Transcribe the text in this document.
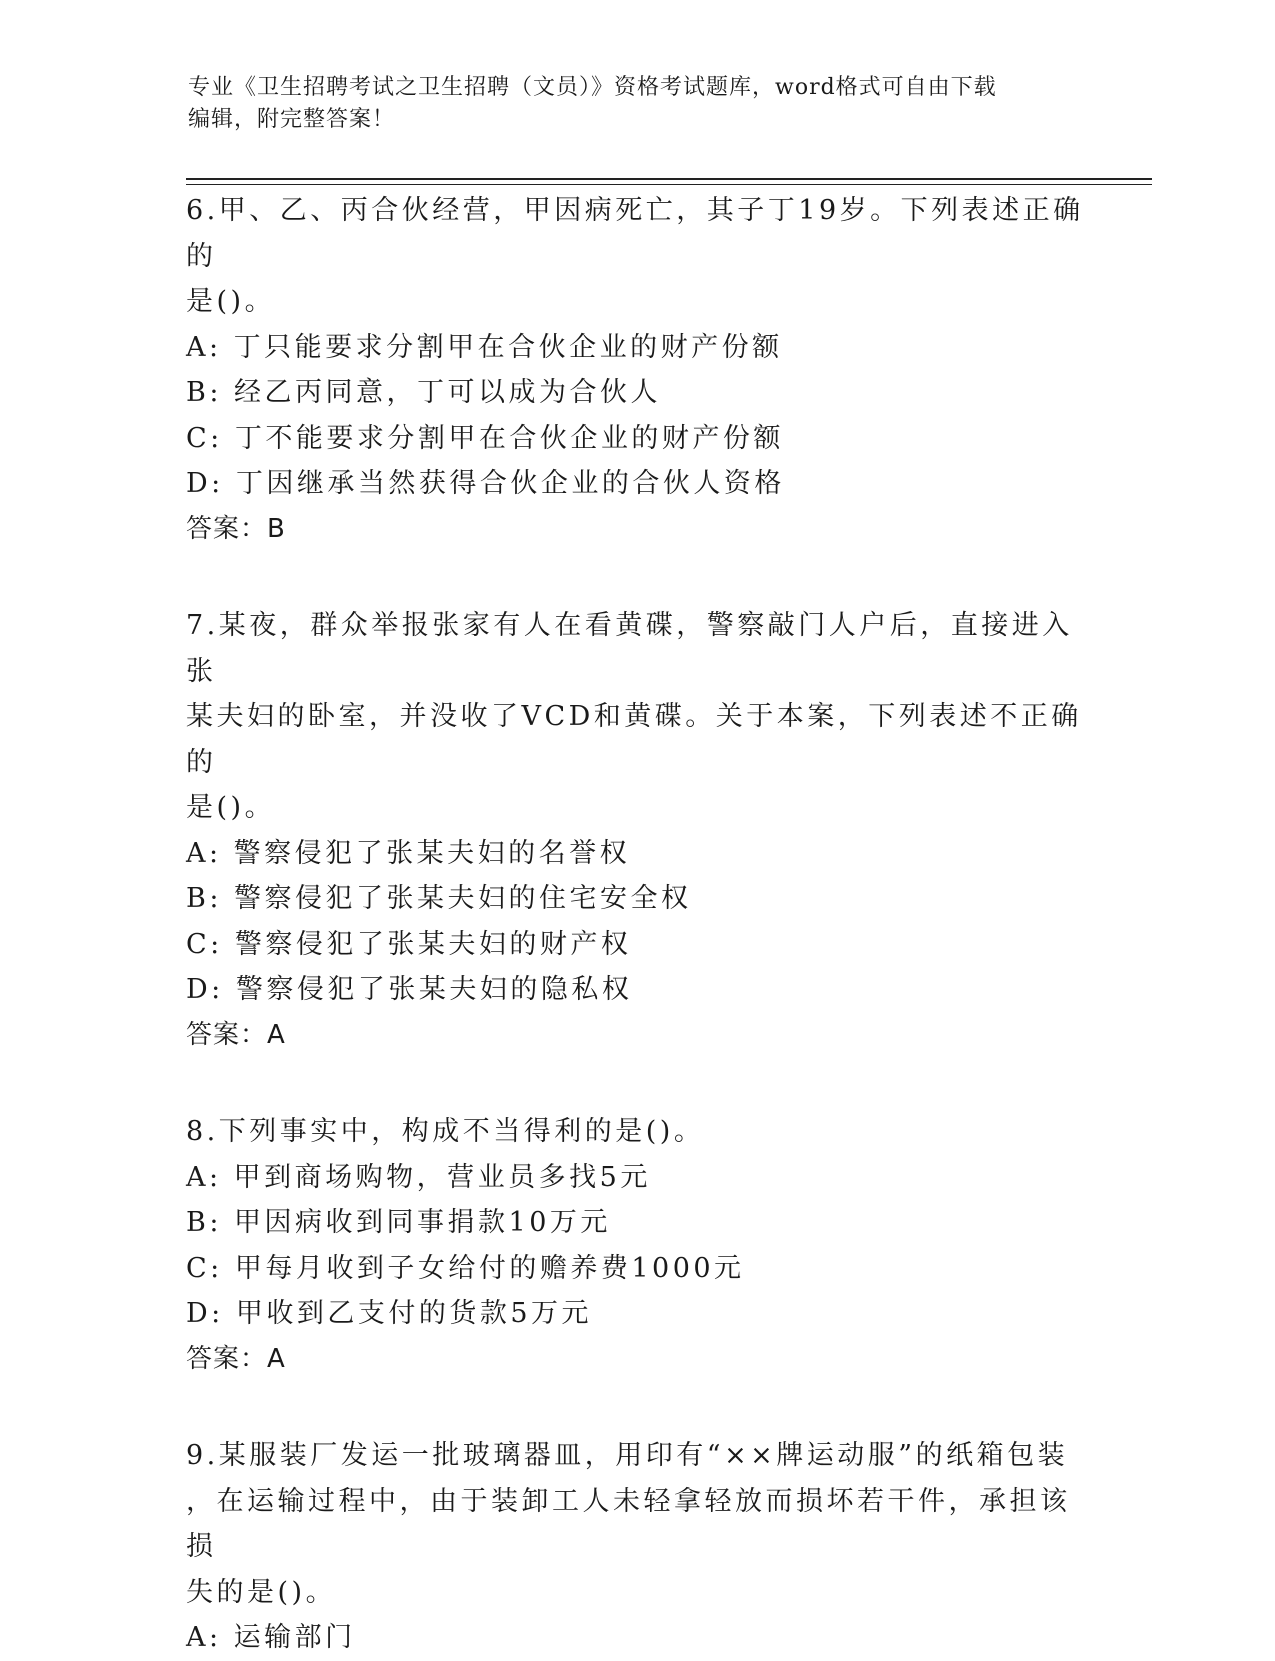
专业《卫生招聘考试之卫生招聘（文员）》资格考试题库，word格式可自由下载
编辑，附完整答案！
6.甲、乙、丙合伙经营，甲因病死亡，其子丁19岁。下列表述正确的
是()。
A: 丁只能要求分割甲在合伙企业的财产份额
B: 经乙丙同意，丁可以成为合伙人
C: 丁不能要求分割甲在合伙企业的财产份额
D: 丁因继承当然获得合伙企业的合伙人资格
答案：B
7.某夜，群众举报张家有人在看黄碟，警察敲门人户后，直接进入张
某夫妇的卧室，并没收了VCD和黄碟。关于本案，下列表述不正确的
是()。
A: 警察侵犯了张某夫妇的名誉权
B: 警察侵犯了张某夫妇的住宅安全权
C: 警察侵犯了张某夫妇的财产权
D: 警察侵犯了张某夫妇的隐私权
答案：A
8.下列事实中，构成不当得利的是()。
A: 甲到商场购物，营业员多找5元
B: 甲因病收到同事捐款10万元
C: 甲每月收到子女给付的赡养费1000元
D: 甲收到乙支付的货款5万元
答案：A
9.某服装厂发运一批玻璃器皿，用印有“××牌运动服”的纸箱包装
，在运输过程中，由于装卸工人未轻拿轻放而损坏若干件，承担该损
失的是()。
A: 运输部门
